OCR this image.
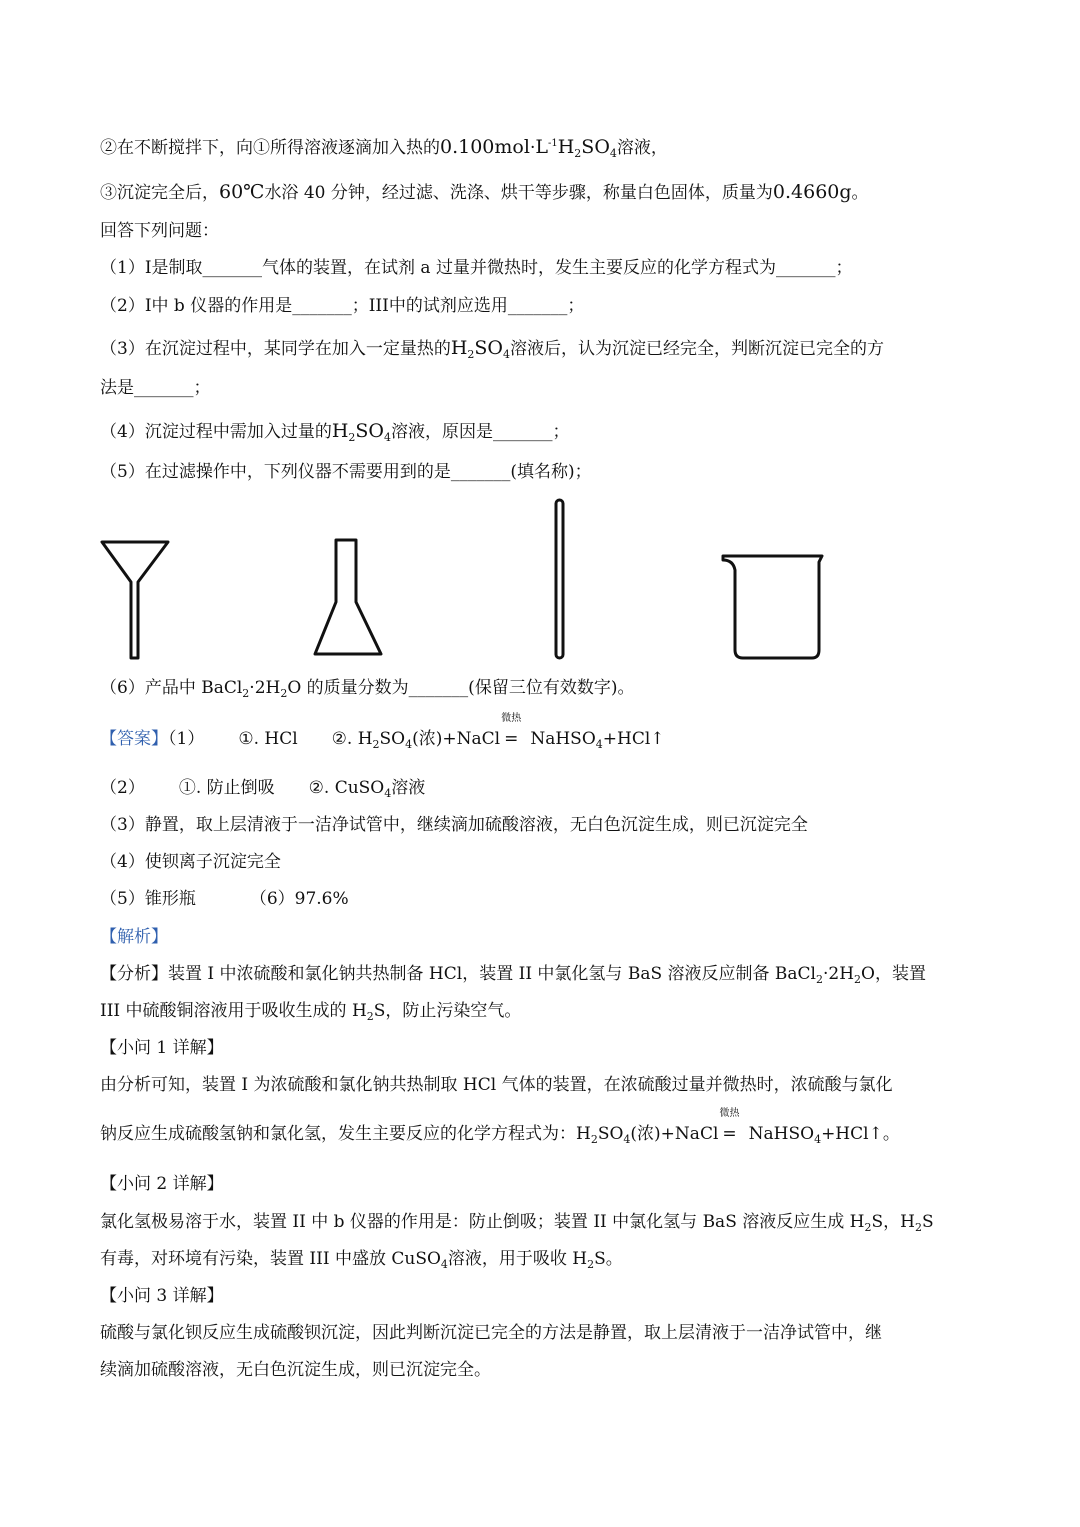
②在不断搅拌下，向①所得溶液逐滴加入热的$0.100mol\cdot L^{-1}H_2SO_4$溶液，
③沉淀完全后，60℃水浴 40 分钟，经过滤、洗涤、烘干等步骤，称量白色固体，质量为0.4660g。
回答下列问题：
（1）I是制取_______气体的装置，在试剂 a 过量并微热时，发生主要反应的化学方程式为_______；
（2）I中 b 仪器的作用是_______；III中的试剂应选用_______；
（3）在沉淀过程中，某同学在加入一定量热的$H_2SO_4$溶液后，认为沉淀已经完全，判断沉淀已完全的方
法是_______；
（4）沉淀过程中需加入过量的$H_2SO_4$溶液，原因是_______；
（5）在过滤操作中，下列仪器不需要用到的是_______(填名称)；
（6）产品中 $BaCl_2\cdot 2H_2O$ 的质量分数为_______(保留三位有效数字)。
【答案】（1） ①. HCl ②. $H_2SO_4$(浓)+NaCl
微热
= NaHSO$_4$+HCl↑
（2） ①. 防止倒吸 ②. CuSO$_4$溶液
（3）静置，取上层清液于一洁净试管中，继续滴加硫酸溶液，无白色沉淀生成，则已沉淀完全
（4）使钡离子沉淀完全
（5）锥形瓶	（6）97.6%
【解析】
【分析】装置 I 中浓硫酸和氯化钠共热制备 HCl，装置 II 中氯化氢与 BaS 溶液反应制备 $BaCl_2\cdot 2H_2O$，装置
III 中硫酸铜溶液用于吸收生成的 $H_2S$，防止污染空气。
【小问 1 详解】
由分析可知，装置 I 为浓硫酸和氯化钠共热制取 HCl 气体的装置，在浓硫酸过量并微热时，浓硫酸与氯化
钠反应生成硫酸氢钠和氯化氢，发生主要反应的化学方程式为：$H_2SO_4$(浓)+NaCl
微热
= NaHSO$_4$+HCl↑。
【小问 2 详解】
氯化氢极易溶于水，装置 II 中 b 仪器的作用是：防止倒吸；装置 II 中氯化氢与 BaS 溶液反应生成 $H_2S$，$H_2S$
有毒，对环境有污染，装置 III 中盛放 CuSO$_4$溶液，用于吸收 $H_2S$。
【小问 3 详解】
硫酸与氯化钡反应生成硫酸钡沉淀，因此判断沉淀已完全的方法是静置，取上层清液于一洁净试管中，继
续滴加硫酸溶液，无白色沉淀生成，则已沉淀完全。
